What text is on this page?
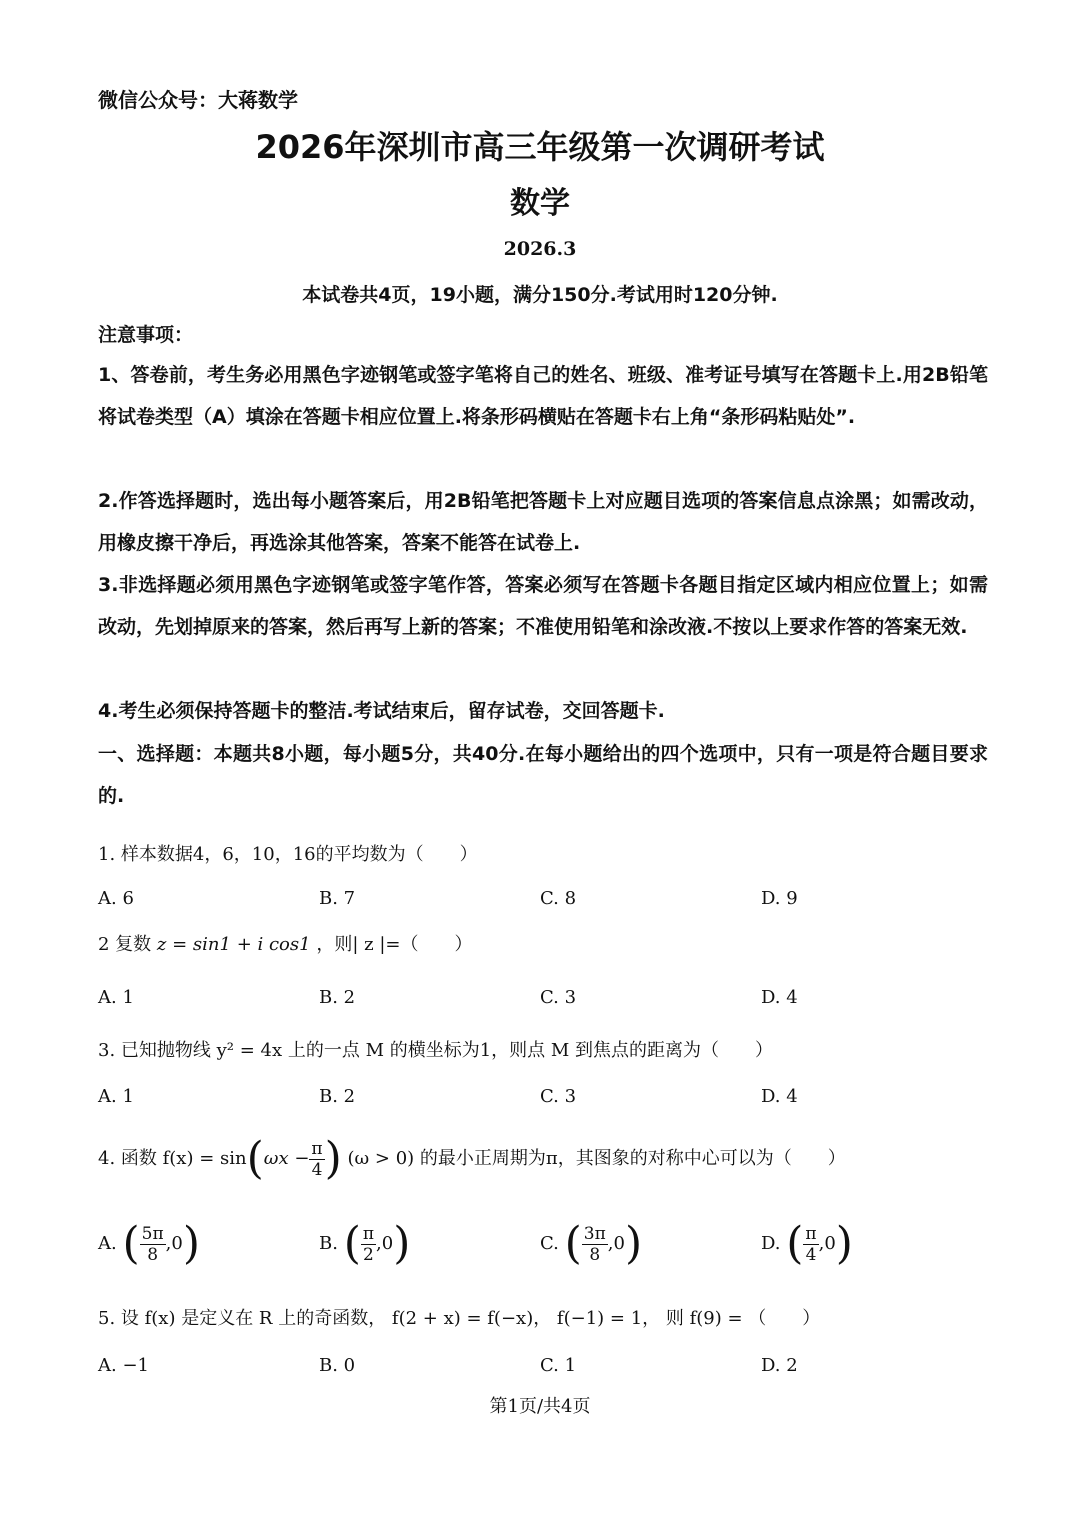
微信公众号：大蒋数学
2026年深圳市高三年级第一次调研考试
数学
2026.3
本试卷共4页，19小题，满分150分.考试用时120分钟.
注意事项：
1、答卷前，考生务必用黑色字迹钢笔或签字笔将自己的姓名、班级、准考证号填写在答题卡上.用2B铅笔将试卷类型（A）填涂在答题卡相应位置上.将条形码横贴在答题卡右上角“条形码粘贴处”.
2.作答选择题时，选出每小题答案后，用2B铅笔把答题卡上对应题目选项的答案信息点涂黑；如需改动，用橡皮擦干净后，再选涂其他答案，答案不能答在试卷上.
3.非选择题必须用黑色字迹钢笔或签字笔作答，答案必须写在答题卡各题目指定区域内相应位置上；如需改动，先划掉原来的答案，然后再写上新的答案；不准使用铅笔和涂改液.不按以上要求作答的答案无效.
4.考生必须保持答题卡的整洁.考试结束后，留存试卷，交回答题卡.
一、选择题：本题共8小题，每小题5分，共40分.在每小题给出的四个选项中，只有一项是符合题目要求的.
1. 样本数据4，6，10，16的平均数为（　　）
A. 6	B. 7	C. 8	D. 9
2 复数 z = sin1 + i cos1 ，则| z |=（　　）
A. 1	B. 2	C. 3	D. 4
3. 已知抛物线 y² = 4x 上的一点 M 的横坐标为1，则点 M 到焦点的距离为（　　）
A. 1	B. 2	C. 3	D. 4
4. 函数 $f(x) = \sin(\omega x - \frac{\pi}{4}$ ) (ω > 0) 的最小正周期为π，其图象的对称中心可以为（　　）
A. ( $\frac{5\pi}{8} ,0$)	B. ( $\frac{\pi}{2} ,0$)	C. ( $\frac{3\pi}{8} ,0$)	D. ( $\frac{\pi}{4} ,0$)
5. 设 f(x) 是定义在 R 上的奇函数， f(2 + x) = f(−x)， f(−1) = 1， 则 f(9) = （　　）
A. −1	B. 0	C. 1	D. 2
第1页/共4页
